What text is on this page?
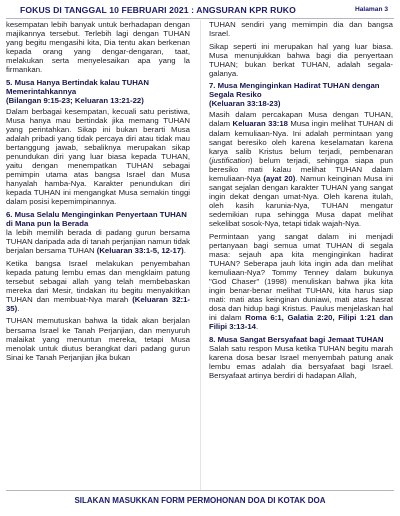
FOKUS DI TANGGAL 10 FEBRUARI 2021 : ANGSURAN KPR RUKO	Halaman 3

kesempatan lebih banyak untuk berhadapan dengan majikannya tersebut. Terlebih lagi dengan TUHAN yang begitu mengasihi kita, Dia tentu akan berkenan kepada orang yang dengar-dengaran, taat, melakukan serta menyelesaikan apa yang la firmankan.

5. Musa Hanya Bertindak kalau TUHAN Memerintahkannya
(Bilangan 9:15-23; Keluaran 13:21-22)

Dalam berbagai kesempatan, kecuali satu peristiwa, Musa hanya mau bertindak jika memang TUHAN yang perintahkan. Sikap ini bukan berarti Musa adalah pribadi yang tidak percaya diri atau tidak mau bertanggung jawab, sebaliknya merupakan sikap penundukan diri yang luar biasa kepada TUHAN, yaitu dengan menempatkan TUHAN sebagai pemimpin utama atas bangsa Israel dan Musa hanyalah hamba-Nya. Karakter penundukan diri kepada TUHAN ini mengangkat Musa semakin tinggi dalam posisi kepemimpinannya.

6. Musa Selalu Menginginkan Penyertaan TUHAN di Mana pun la Berada

la lebih memilih berada di padang gurun bersama TUHAN daripada ada di tanah perjanjian namun tidak berjalan bersama TUHAN (Keluaran 33:1-5, 12-17).

Ketika bangsa Israel melakukan penyembahan kepada patung lembu emas dan mengklaim patung tersebut sebagai allah yang telah membebaskan mereka dari Mesir, tindakan itu begitu menyakitkan TUHAN dan membuat-Nya marah (Keluaran 32:1-35).

TUHAN memutuskan bahwa la tidak akan berjalan bersama Israel ke Tanah Perjanjian, dan menyuruh malaikat yang menuntun mereka, tetapi Musa menolak untuk diutus berangkat dari padang gurun Sinai ke Tanah Perjanjian jika bukan

TUHAN sendiri yang memimpin dia dan bangsa Israel.

Sikap seperti ini merupakan hal yang luar biasa. Musa menunjukkan bahwa bagi dia penyertaan TUHAN; bukan berkat TUHAN, adalah segala-galanya.

7. Musa Menginginkan Hadirat TUHAN dengan Segala Resiko
(Keluaran 33:18-23)

Masih dalam percakapan Musa dengan TUHAN, dalam Keluaran 33:18 Musa ingin melihat TUHAN di dalam kemuliaan-Nya. Ini adalah permintaan yang sangat beresiko oleh karena keselamatan karena karya salib Kristus belum terjadi, pembenaran (justification) belum terjadi, sehingga siapa pun beresiko mati kalau melihat TUHAN dalam kemuliaan-Nya (ayat 20). Namun keinginan Musa ini sangat sejalan dengan karakter TUHAN yang sangat ingin dekat dengan umat-Nya. Oleh karena itulah, oleh kasih karunia-Nya, TUHAN mengatur sedemikian rupa sehingga Musa dapat melihat sekelibat sosok-Nya, tetapi tidak wajah-Nya.

Permintaan yang sangat dalam ini menjadi pertanyaan bagi semua umat TUHAN di segala masa: sejauh apa kita menginginkan hadirat TUHAN? Seberapa jauh kita ingin ada dan melihat kemuliaan-Nya? Tommy Tenney dalam bukunya "God Chaser" (1998) menuliskan bahwa jika kita ingin benar-benar melihat TUHAN, kita harus siap mati: mati atas keinginan duniawi, mati atas hasrat dosa dan hidup bagi Kristus. Paulus menjelaskan hal ini dalam Roma 6:1, Galatia 2:20, Filipi 1:21 dan Filipi 3:13-14.

8. Musa Sangat Bersyafaat bagi Jemaat TUHAN

Salah satu respon Musa ketika TUHAN begitu marah karena dosa besar Israel menyembah patung anak lembu emas adalah dia bersyafaat bagi Israel. Bersyafaat artinya berdiri di hadapan Allah,

SILAKAN MASUKKAN FORM PERMOHONAN DOA DI KOTAK DOA
